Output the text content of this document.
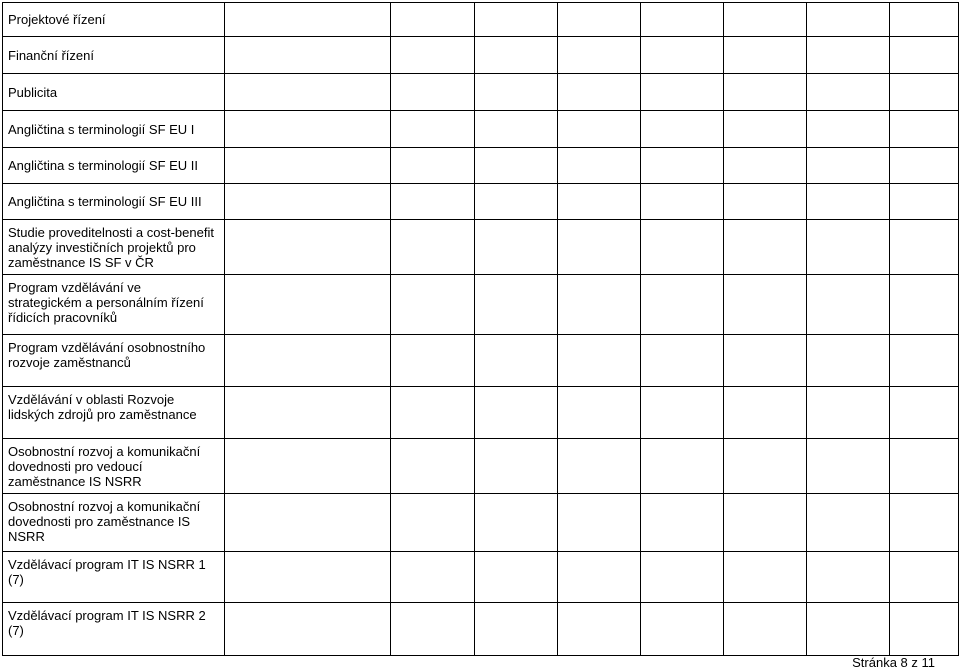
Projektové řízení								
Finanční řízení								
Publicita								
Angličtina s terminologií SF EU I								
Angličtina s terminologií SF EU II								
Angličtina s terminologií SF EU III								
Studie proveditelnosti a cost-benefit
analýzy investičních projektů pro
zaměstnance IS SF v ČR								
Program vzdělávání ve
strategickém a personálním řízení
řídicích pracovníků								
Program vzdělávání osobnostního
rozvoje zaměstnanců								
Vzdělávání v oblasti Rozvoje
lidských zdrojů pro zaměstnance								
Osobnostní rozvoj a komunikační
dovednosti pro vedoucí
zaměstnance IS NSRR								
Osobnostní rozvoj a komunikační
dovednosti pro zaměstnance IS
NSRR								
Vzdělávací program IT IS NSRR 1
(7)								
Vzdělávací program IT IS NSRR 2
(7)								
Stránka 8 z 11
